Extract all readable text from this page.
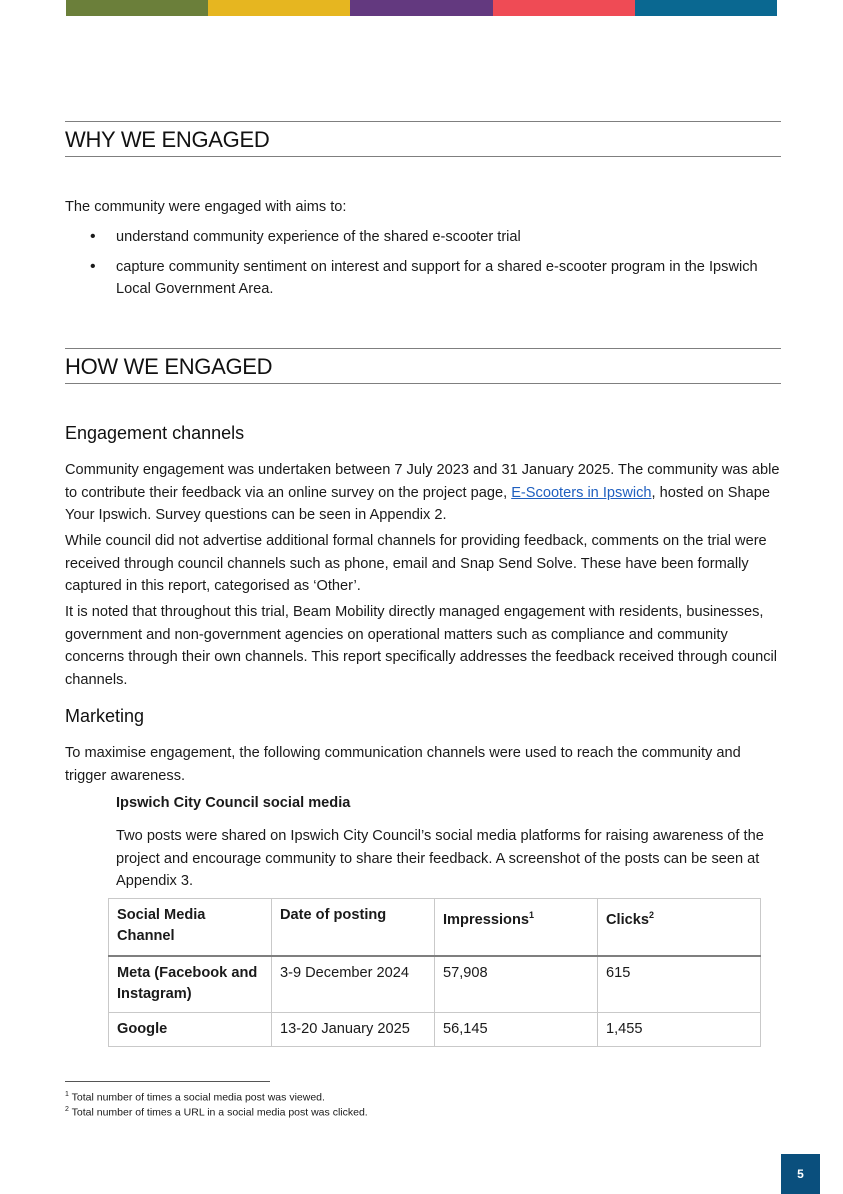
WHY WE ENGAGED

The community were engaged with aims to:

• understand community experience of the shared e-scooter trial
• capture community sentiment on interest and support for a shared e-scooter program in the Ipswich Local Government Area.
HOW WE ENGAGED
Engagement channels

Community engagement was undertaken between 7 July 2023 and 31 January 2025. The community was able to contribute their feedback via an online survey on the project page, E-Scooters in Ipswich, hosted on Shape Your Ipswich. Survey questions can be seen in Appendix 2.

While council did not advertise additional formal channels for providing feedback, comments on the trial were received through council channels such as phone, email and Snap Send Solve. These have been formally captured in this report, categorised as ‘Other’.

It is noted that throughout this trial, Beam Mobility directly managed engagement with residents, businesses, government and non-government agencies on operational matters such as compliance and community concerns through their own channels. This report specifically addresses the feedback received through council channels.

Marketing

To maximise engagement, the following communication channels were used to reach the community and trigger awareness.

Ipswich City Council social media

Two posts were shared on Ipswich City Council’s social media platforms for raising awareness of the project and encourage community to share their feedback. A screenshot of the posts can be seen at Appendix 3.

Social Media Channel	Date of posting	Impressions$^1$	Clicks$^2$
Meta (Facebook and Instagram)	3-9 December 2024	57,908	615
Google	13-20 January 2025	56,145	1,455
$^1$ Total number of times a social media post was viewed.
$^2$ Total number of times a URL in a social media post was clicked.
5
